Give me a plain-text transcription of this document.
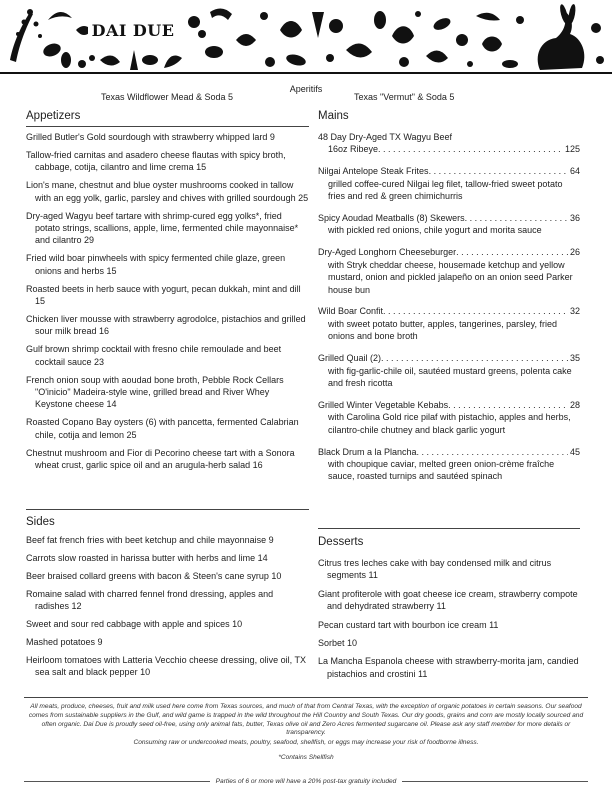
DAI DUE
Aperitifs
Texas Wildflower Mead & Soda 5	Texas "Vermut" & Soda 5
Appetizers
Grilled Butler's Gold sourdough with strawberry whipped lard 9
Tallow-fried carnitas and asadero cheese flautas with spicy broth, cabbage, cotija, cilantro and lime crema 15
Lion's mane, chestnut and blue oyster mushrooms cooked in tallow with an egg yolk, garlic, parsley and chives with grilled sourdough 25
Dry-aged Wagyu beef tartare with shrimp-cured egg yolks*, fried potato strings, scallions, apple, lime, fermented chile mayonnaise* and cilantro 29
Fried wild boar pinwheels with spicy fermented chile glaze, green onions and herbs 15
Roasted beets in herb sauce with yogurt, pecan dukkah, mint and dill 15
Chicken liver mousse with strawberry agrodolce, pistachios and grilled sour milk bread 16
Gulf brown shrimp cocktail with fresno chile remoulade and beet cocktail sauce 23
French onion soup with aoudad bone broth, Pebble Rock Cellars "O'inicio" Madeira-style wine, grilled bread and River Whey Keystone cheese 14
Roasted Copano Bay oysters (6) with pancetta, fermented Calabrian chile, cotija and lemon 25
Chestnut mushroom and Fior di Pecorino cheese tart with a Sonora wheat crust, garlic spice oil and an arugula-herb salad 16
Sides
Beef fat french fries with beet ketchup and chile mayonnaise 9
Carrots slow roasted in harissa butter with herbs and lime 14
Beer braised collard greens with bacon & Steen's cane syrup 10
Romaine salad with charred fennel frond dressing, apples and radishes 12
Sweet and sour red cabbage with apple and spices 10
Mashed potatoes 9
Heirloom tomatoes with Latteria Vecchio cheese dressing, olive oil, TX sea salt and black pepper 10
Mains
48 Day Dry-Aged TX Wagyu Beef
16oz Ribeye . . .	125
Nilgai Antelope Steak Frites . . .	64
grilled coffee-cured Nilgai leg filet, tallow-fried sweet potato fries and red & green chimichurris
Spicy Aoudad Meatballs (8) Skewers . . .	36
with pickled red onions, chile yogurt and morita sauce
Dry-Aged Longhorn Cheeseburger . . .	26
with Stryk cheddar cheese, housemade ketchup and yellow mustard, onion and pickled jalapeño on an onion seed Parker house bun
Wild Boar Confit . . .	32
with sweet potato butter, apples, tangerines, parsley, fried onions and bone broth
Grilled Quail (2) . . .	35
with fig-garlic-chile oil, sautéed mustard greens, polenta cake and fresh ricotta
Grilled Winter Vegetable Kebabs . . .	28
with Carolina Gold rice pilaf with pistachio, apples and herbs, cilantro-chile chutney and black garlic yogurt
Black Drum a la Plancha . . .	45
with choupique caviar, melted green onion-crème fraîche sauce, roasted turnips and sautéed spinach
Desserts
Citrus tres leches cake with bay condensed milk and citrus segments 11
Giant profiterole with goat cheese ice cream, strawberry compote and dehydrated strawberry 11
Pecan custard tart with bourbon ice cream 11
Sorbet 10
La Mancha Espanola cheese with strawberry-morita jam, candied pistachios and crostini 11
All meats, produce, cheeses, fruit and milk used here come from Texas sources, and much of that from Central Texas, with the exception of organic potatoes in certain seasons. Our seafood comes from sustainable suppliers in the Gulf, and wild game is trapped in the wild throughout the Hill Country and South Texas. Our dry goods, grains and corn are mostly locally sourced and often organic. Dai Due is proudly seed oil-free, using only animal fats, butter, Texas olive oil and Zero Acres fermented sugarcane oil. Please ask any staff member for more details or transparency.
Consuming raw or undercooked meats, poultry, seafood, shellfish, or eggs may increase your risk of foodborne illness.
*Contains Shellfish
Parties of 6 or more will have a 20% post-tax gratuity included
